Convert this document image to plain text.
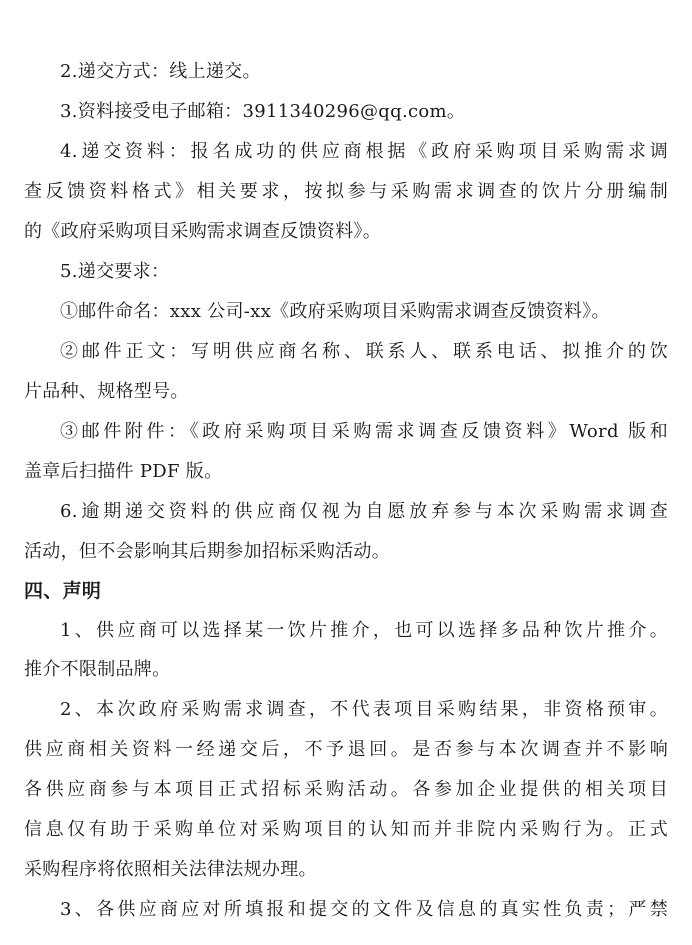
2.递交方式：线上递交。
3.资料接受电子邮箱：3911340296@qq.com。
4.递交资料：报名成功的供应商根据《政府采购项目采购需求调
查反馈资料格式》相关要求，按拟参与采购需求调查的饮片分册编制
的《政府采购项目采购需求调查反馈资料》。
5.递交要求：
①邮件命名：xxx 公司-xx《政府采购项目采购需求调查反馈资料》。
②邮件正文：写明供应商名称、联系人、联系电话、拟推介的饮
片品种、规格型号。
③邮件附件：《政府采购项目采购需求调查反馈资料》Word 版和
盖章后扫描件 PDF 版。
6.逾期递交资料的供应商仅视为自愿放弃参与本次采购需求调查
活动，但不会影响其后期参加招标采购活动。
四、声明
1、供应商可以选择某一饮片推介，也可以选择多品种饮片推介。
推介不限制品牌。
2、本次政府采购需求调查，不代表项目采购结果，非资格预审。
供应商相关资料一经递交后，不予退回。是否参与本次调查并不影响
各供应商参与本项目正式招标采购活动。各参加企业提供的相关项目
信息仅有助于采购单位对采购项目的认知而并非院内采购行为。正式
采购程序将依照相关法律法规办理。
3、各供应商应对所填报和提交的文件及信息的真实性负责；严禁
